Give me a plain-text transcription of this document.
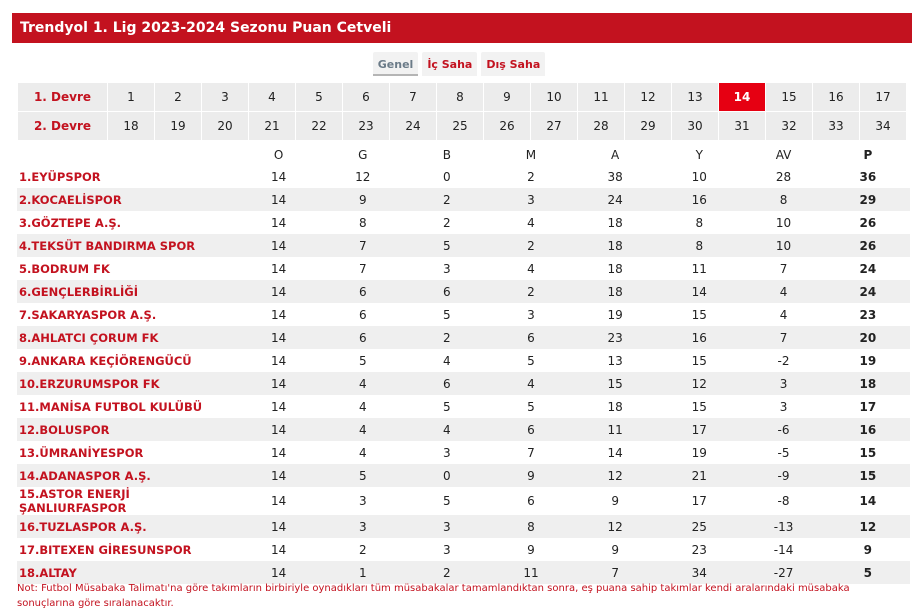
Trendyol 1. Lig 2023-2024 Sezonu Puan Cetveli
Genel İç Saha Dış Saha
1. Devre	1	2	3	4	5	6	7	8	9	10	11	12	13	14	15	16	17
2. Devre	18	19	20	21	22	23	24	25	26	27	28	29	30	31	32	33	34
	O	G	B	M	A	Y	AV	P
1.EYÜPSPOR	14	12	0	2	38	10	28	36
2.KOCAELİSPOR	14	9	2	3	24	16	8	29
3.GÖZTEPE A.Ş.	14	8	2	4	18	8	10	26
4.TEKSÜT BANDIRMA SPOR	14	7	5	2	18	8	10	26
5.BODRUM FK	14	7	3	4	18	11	7	24
6.GENÇLERBİRLİĞİ	14	6	6	2	18	14	4	24
7.SAKARYASPOR A.Ş.	14	6	5	3	19	15	4	23
8.AHLATCI ÇORUM FK	14	6	2	6	23	16	7	20
9.ANKARA KEÇİÖRENGÜCÜ	14	5	4	5	13	15	-2	19
10.ERZURUMSPOR FK	14	4	6	4	15	12	3	18
11.MANİSA FUTBOL KULÜBÜ	14	4	5	5	18	15	3	17
12.BOLUSPOR	14	4	4	6	11	17	-6	16
13.ÜMRANİYESPOR	14	4	3	7	14	19	-5	15
14.ADANASPOR A.Ş.	14	5	0	9	12	21	-9	15
15.ASTOR ENERJİ ŞANLIURFASPOR	14	3	5	6	9	17	-8	14
16.TUZLASPOR A.Ş.	14	3	3	8	12	25	-13	12
17.BITEXEN GİRESUNSPOR	14	2	3	9	9	23	-14	9
18.ALTAY	14	1	2	11	7	34	-27	5
Not: Futbol Müsabaka Talimatı'na göre takımların birbiriyle oynadıkları tüm müsabakalar tamamlandıktan sonra, eş puana sahip takımlar kendi aralarındaki müsabaka sonuçlarına göre sıralanacaktır.
